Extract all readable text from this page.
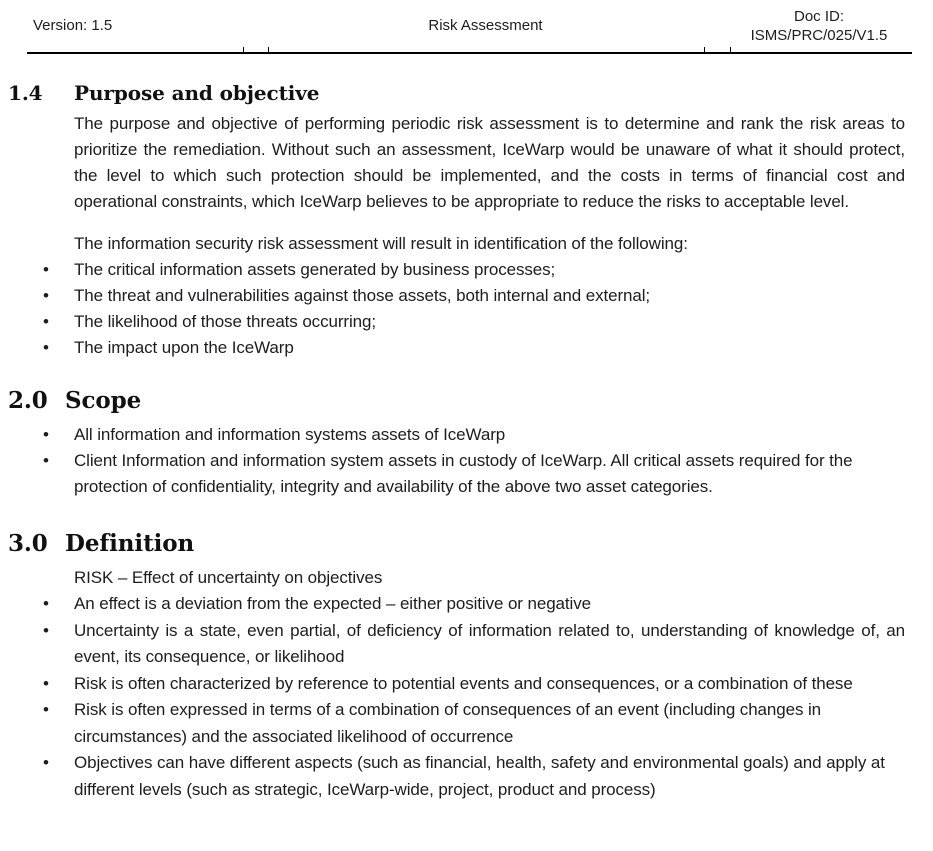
Version: 1.5	Risk Assessment
Doc ID:
ISMS/PRC/025/V1.5
1.4 Purpose and objective

The purpose and objective of performing periodic risk assessment is to determine and rank the risk areas to prioritize the remediation. Without such an assessment, IceWarp would be unaware of what it should protect, the level to which such protection should be implemented, and the costs in terms of financial cost and operational constraints, which IceWarp believes to be appropriate to reduce the risks to acceptable level.

The information security risk assessment will result in identification of the following:

•	The critical information assets generated by business processes;
•	The threat and vulnerabilities against those assets, both internal and external;
•	The likelihood of those threats occurring;
•	The impact upon the IceWarp
2.0 Scope
•	All information and information systems assets of IceWarp
•	Client Information and information system assets in custody of IceWarp. All critical assets required for the protection of confidentiality, integrity and availability of the above two asset categories.
3.0 Definition

RISK – Effect of uncertainty on objectives

•	An effect is a deviation from the expected – either positive or negative
•	Uncertainty is a state, even partial, of deficiency of information related to, understanding of knowledge of, an event, its consequence, or likelihood
•	Risk is often characterized by reference to potential events and consequences, or a combination of these
•	Risk is often expressed in terms of a combination of consequences of an event (including changes in circumstances) and the associated likelihood of occurrence
•	Objectives can have different aspects (such as financial, health, safety and environmental goals) and apply at different levels (such as strategic, IceWarp-wide, project, product and process)
